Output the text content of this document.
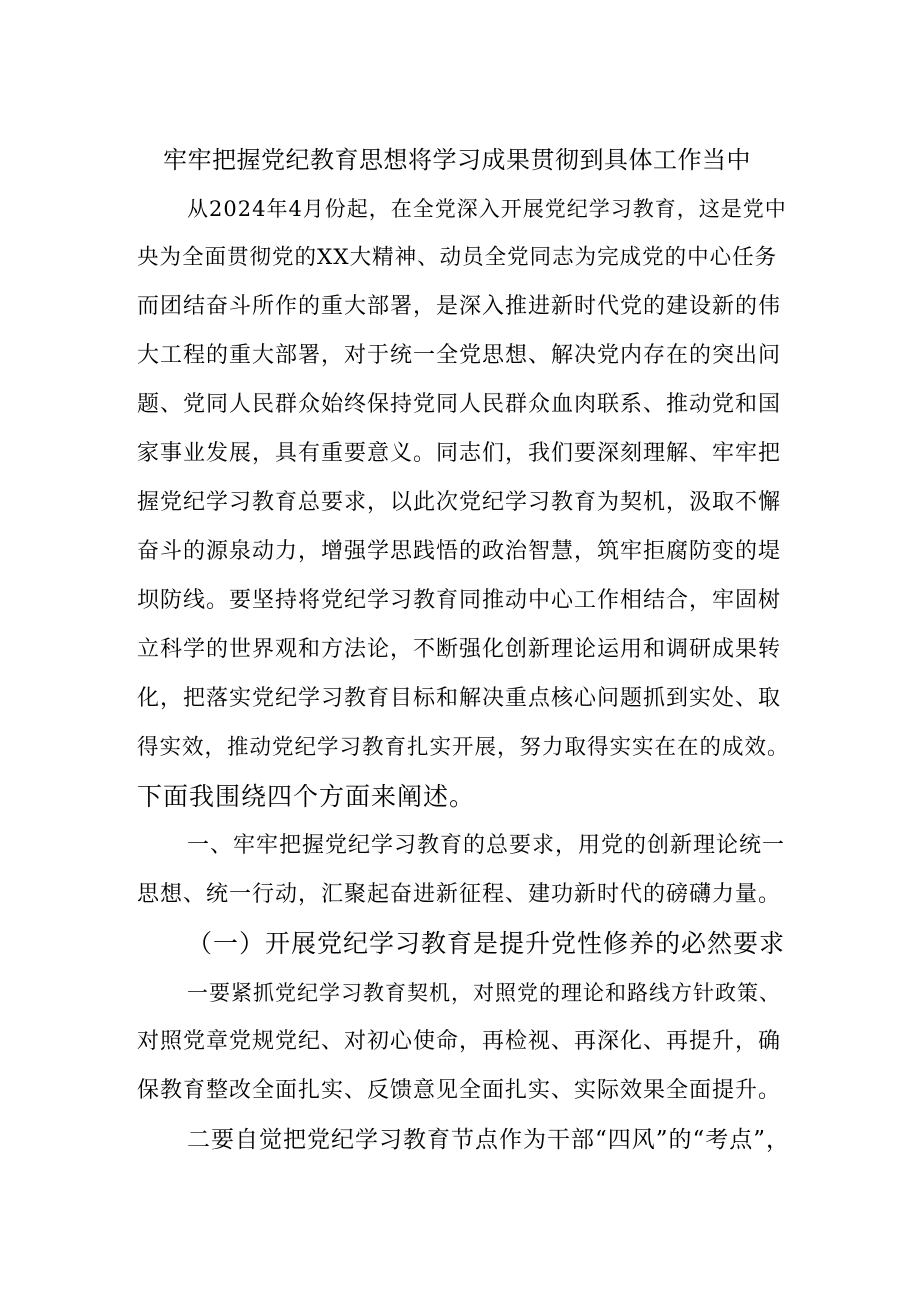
牢牢把握党纪教育思想将学习成果贯彻到具体工作当中
从2024年4月份起，在全党深入开展党纪学习教育，这是党中
央为全面贯彻党的XX大精神、动员全党同志为完成党的中心任务
而团结奋斗所作的重大部署，是深入推进新时代党的建设新的伟
大工程的重大部署，对于统一全党思想、解决党内存在的突出问
题、党同人民群众始终保持党同人民群众血肉联系、推动党和国
家事业发展，具有重要意义。同志们，我们要深刻理解、牢牢把
握党纪学习教育总要求，以此次党纪学习教育为契机，汲取不懈
奋斗的源泉动力，增强学思践悟的政治智慧，筑牢拒腐防变的堤
坝防线。要坚持将党纪学习教育同推动中心工作相结合，牢固树
立科学的世界观和方法论，不断强化创新理论运用和调研成果转
化，把落实党纪学习教育目标和解决重点核心问题抓到实处、取
得实效，推动党纪学习教育扎实开展，努力取得实实在在的成效。
下面我围绕四个方面来阐述。
一、牢牢把握党纪学习教育的总要求，用党的创新理论统一
思想、统一行动，汇聚起奋进新征程、建功新时代的磅礴力量。
（一）开展党纪学习教育是提升党性修养的必然要求
一要紧抓党纪学习教育契机，对照党的理论和路线方针政策、
对照党章党规党纪、对初心使命，再检视、再深化、再提升，确
保教育整改全面扎实、反馈意见全面扎实、实际效果全面提升。
二要自觉把党纪学习教育节点作为干部“四风”的“考点”，
